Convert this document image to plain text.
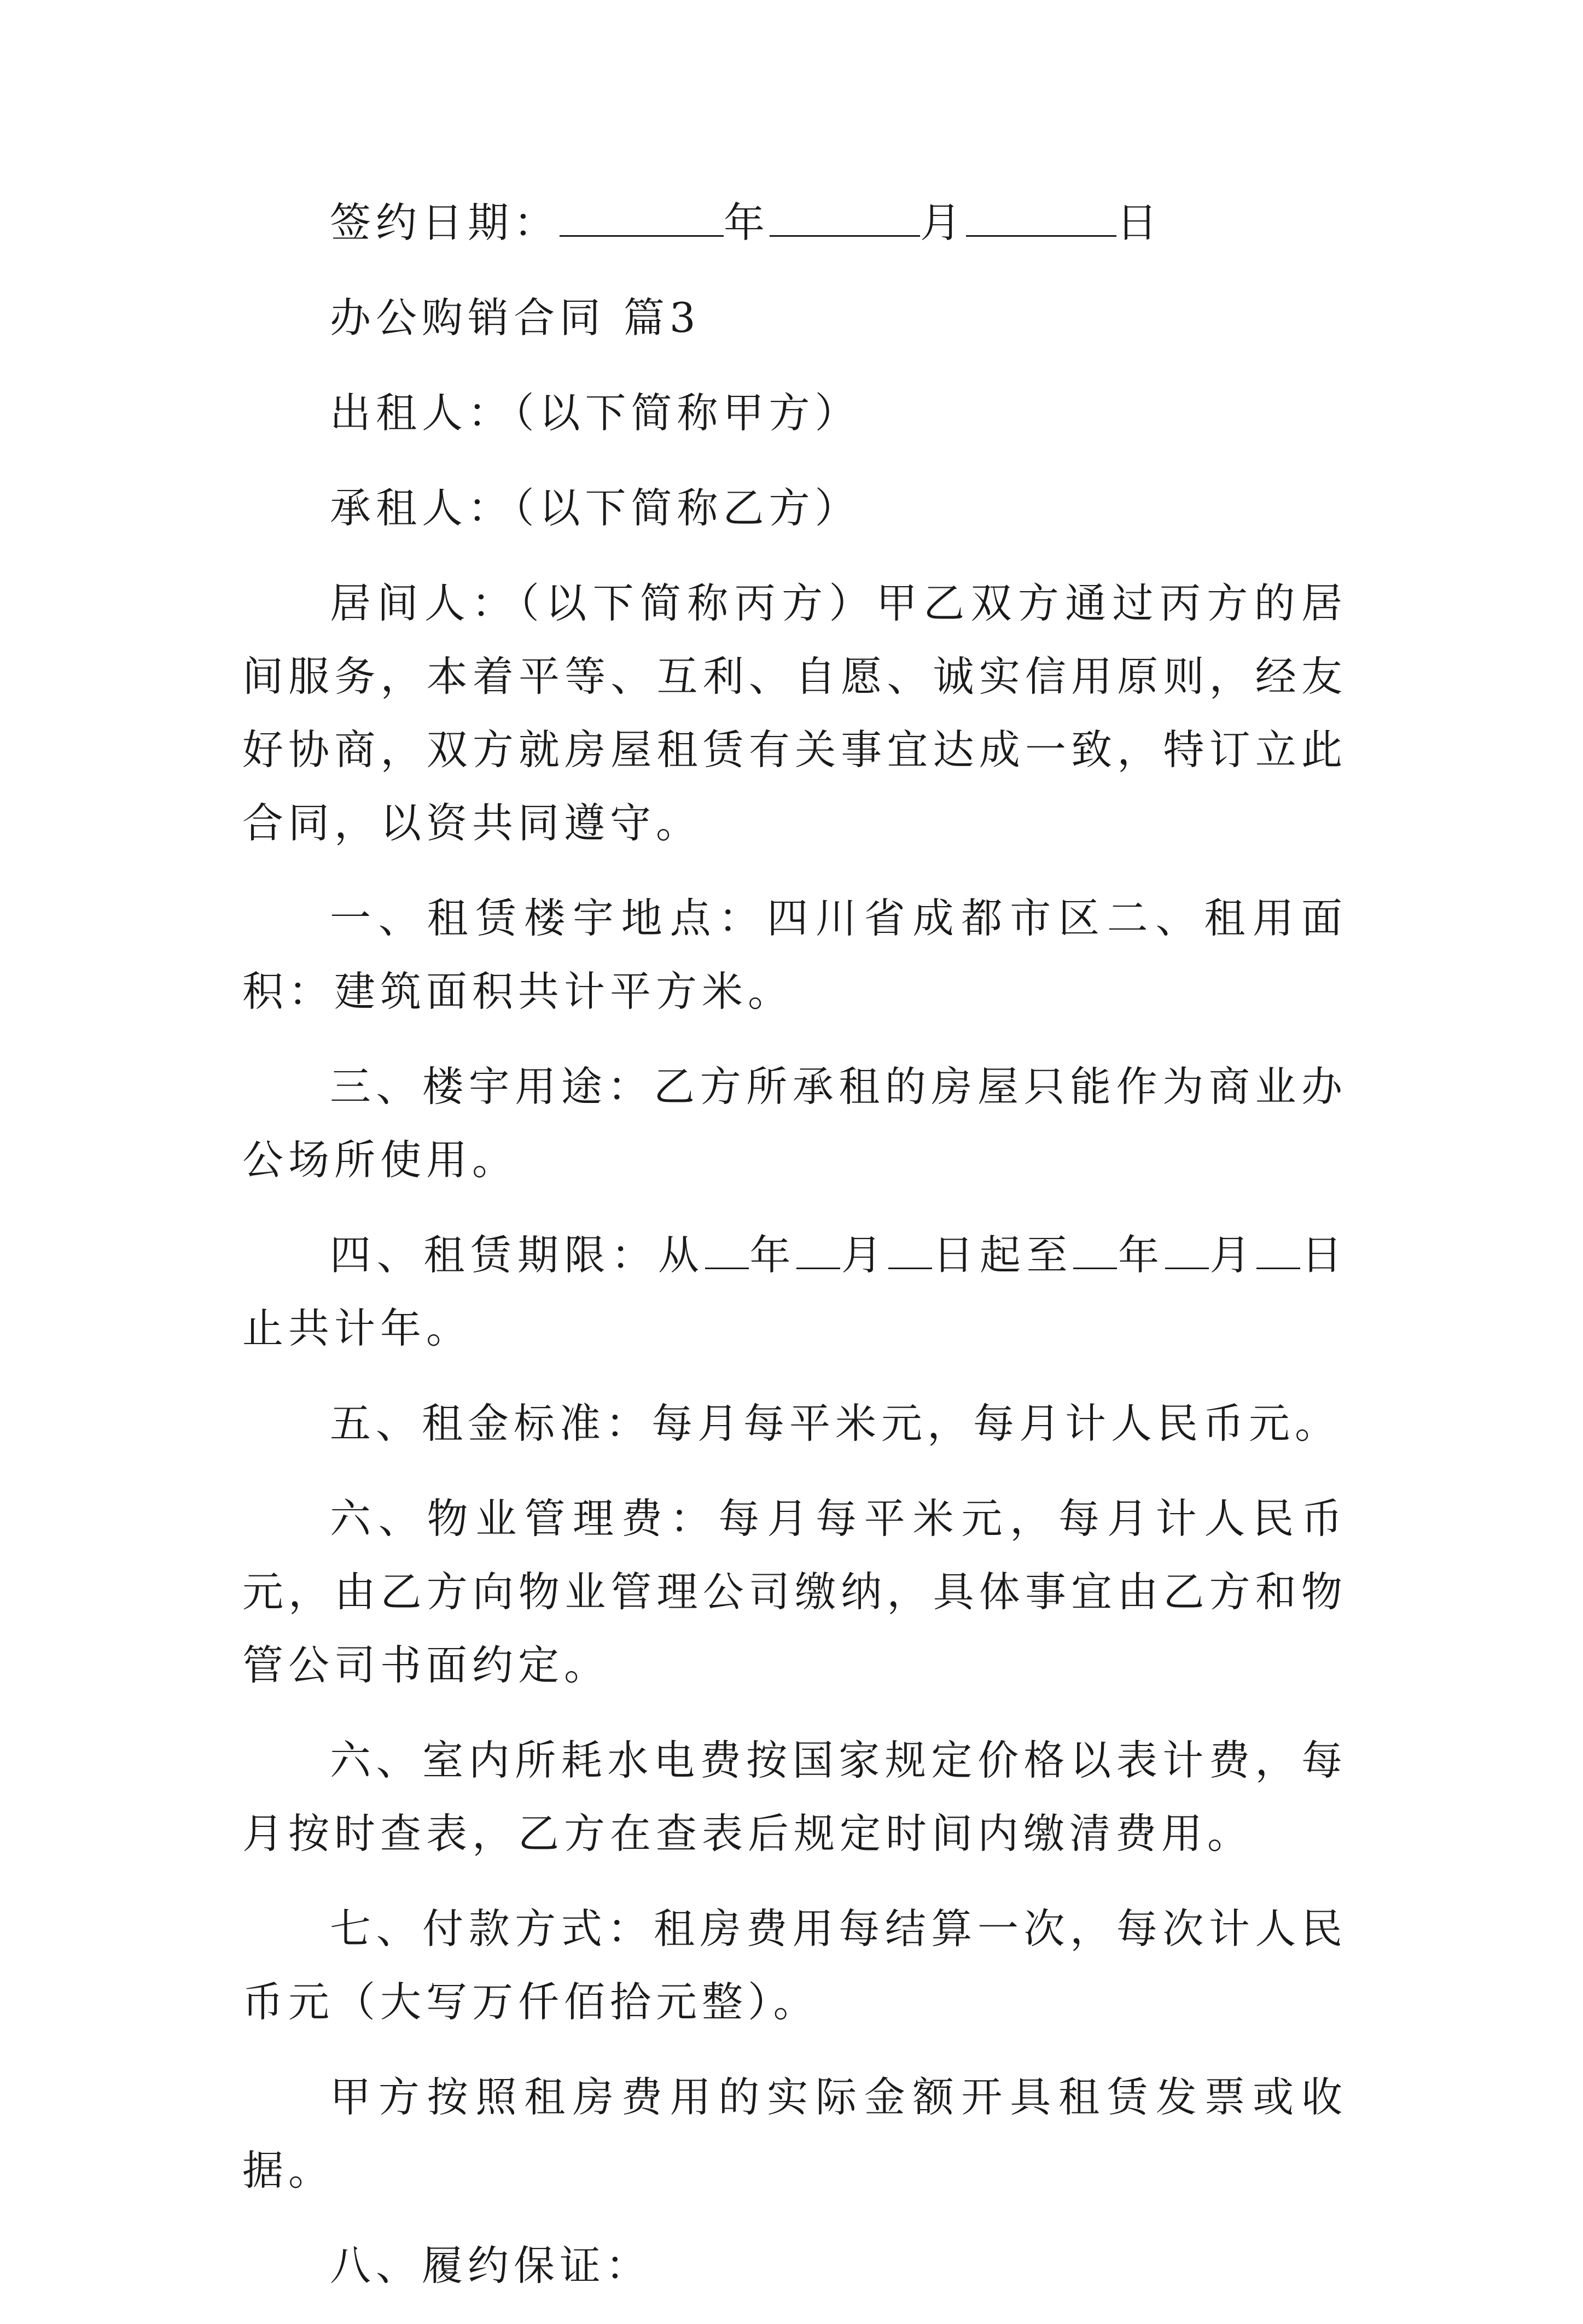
签约日期：	年	月	日

办公购销合同 篇3

出租人：（以下简称甲方）

承租人：（以下简称乙方）

居间人：（以下简称丙方）甲乙双方通过丙方的居间服务，本着平等、互利、自愿、诚实信用原则，经友好协商，双方就房屋租赁有关事宜达成一致，特订立此合同，以资共同遵守。

一、租赁楼宇地点：四川省成都市区二、租用面积：建筑面积共计平方米。

三、楼宇用途：乙方所承租的房屋只能作为商业办公场所使用。

四、租赁期限：从 年 月 日起至 年 月 日止共计年。

五、租金标准：每月每平米元，每月计人民币元。

六、物业管理费：每月每平米元，每月计人民币元，由乙方向物业管理公司缴纳，具体事宜由乙方和物管公司书面约定。

六、室内所耗水电费按国家规定价格以表计费，每月按时查表，乙方在查表后规定时间内缴清费用。

七、付款方式：租房费用每结算一次，每次计人民币元（大写万仟佰拾元整）。

甲方按照租房费用的实际金额开具租赁发票或收据。

八、履约保证：
